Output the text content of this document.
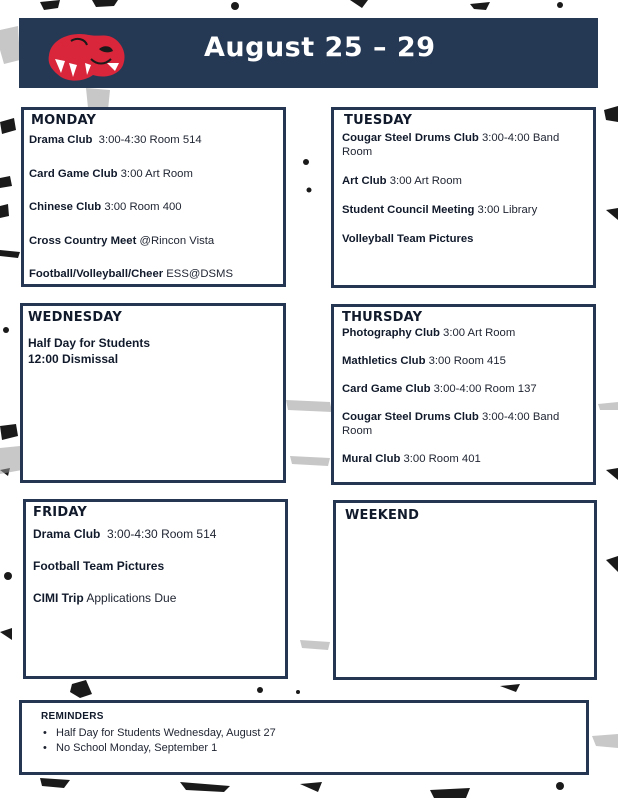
August 25 – 29
MONDAY
Drama Club  3:00-4:30 Room 514
Card Game Club 3:00 Art Room
Chinese Club 3:00 Room 400
Cross Country Meet @Rincon Vista
Football/Volleyball/Cheer ESS@DSMS
TUESDAY
Cougar Steel Drums Club 3:00-4:00 Band Room
Art Club 3:00 Art Room
Student Council Meeting 3:00 Library
Volleyball Team Pictures
WEDNESDAY
Half Day for Students
12:00 Dismissal
THURSDAY
Photography Club 3:00 Art Room
Mathletics Club 3:00 Room 415
Card Game Club 3:00-4:00 Room 137
Cougar Steel Drums Club 3:00-4:00 Band Room
Mural Club 3:00 Room 401
FRIDAY
Drama Club  3:00-4:30 Room 514
Football Team Pictures
CIMI Trip Applications Due
WEEKEND
REMINDERS
• Half Day for Students Wednesday, August 27
• No School Monday, September 1
